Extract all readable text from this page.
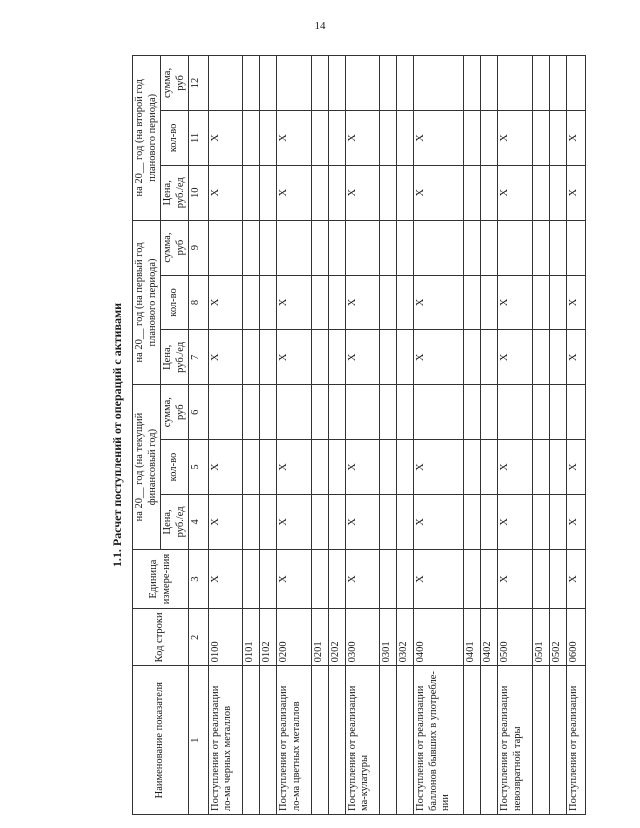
14
1.1. Расчет поступлений от операций с активами
Наименование показателя	Код строки	Единица измере-ния	на 20__ год (на текущий финансовый год)			на 20__ год (на первый год планового периода)			на 20__ год (на второй год планового периода)		
			Цена, руб./ед	кол-во	сумма, руб	Цена, руб./ед	кол-во	сумма, руб	Цена, руб./ед	кол-во	сумма, руб
1	2	3	4	5	6	7	8	9	10	11	12
Поступления от реализации ло-ма черных металлов	0100	X	X	X		X	X		X	X	
	0101										
	0102										
Поступления от реализации ло-ма цветных металлов	0200	X	X	X		X	X		X	X	
	0201										
	0202										
Поступления от реализации ма-кулатуры	0300	X	X	X		X	X		X	X	
	0301										
	0302										
Поступления от реализации баллонов бывших в употребле-нии	0400	X	X	X		X	X		X	X	
	0401										
	0402										
Поступления от реализации невозвратной тары	0500	X	X	X		X	X		X	X	
	0501										
	0502										
Поступления от реализации	0600	X	X	X		X	X		X	X	
